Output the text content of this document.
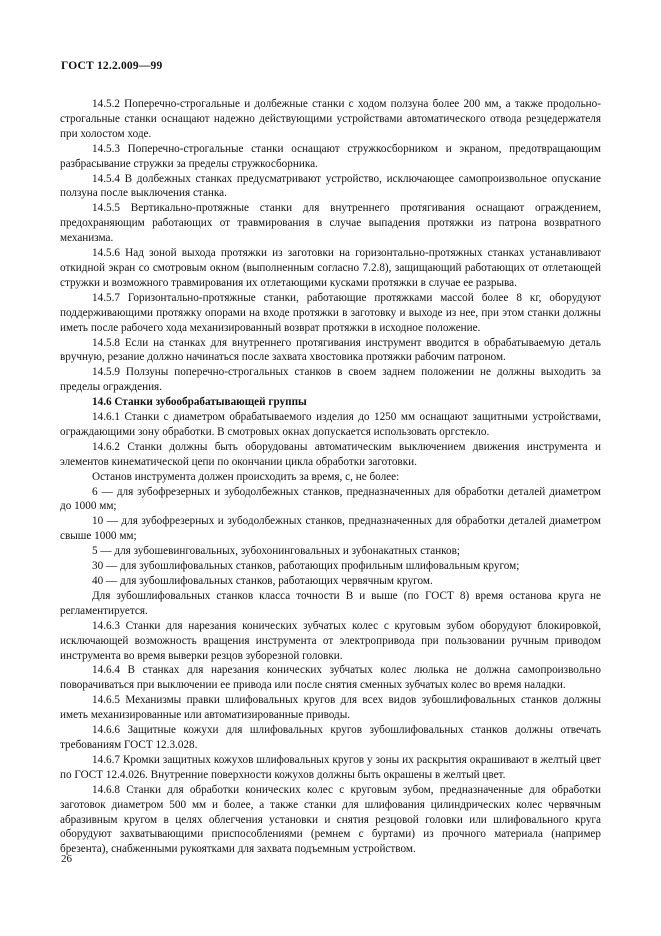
ГОСТ 12.2.009—99

14.5.2 Поперечно-строгальные и долбежные станки с ходом ползуна более 200 мм, а также продольно-строгальные станки оснащают надежно действующими устройствами автоматического отвода резцедержателя при холостом ходе.

14.5.3 Поперечно-строгальные станки оснащают стружкосборником и экраном, предотвращающим разбрасывание стружки за пределы стружкосборника.

14.5.4 В долбежных станках предусматривают устройство, исключающее самопроизвольное опускание ползуна после выключения станка.

14.5.5 Вертикально-протяжные станки для внутреннего протягивания оснащают ограждением, предохраняющим работающих от травмирования в случае выпадения протяжки из патрона возвратного механизма.

14.5.6 Над зоной выхода протяжки из заготовки на горизонтально-протяжных станках устанавливают откидной экран со смотровым окном (выполненным согласно 7.2.8), защищающий работающих от отлетающей стружки и возможного травмирования их отлетающими кусками протяжки в случае ее разрыва.

14.5.7 Горизонтально-протяжные станки, работающие протяжками массой более 8 кг, оборудуют поддерживающими протяжку опорами на входе протяжки в заготовку и выходе из нее, при этом станки должны иметь после рабочего хода механизированный возврат протяжки в исходное положение.

14.5.8 Если на станках для внутреннего протягивания инструмент вводится в обрабатываемую деталь вручную, резание должно начинаться после захвата хвостовика протяжки рабочим патроном.

14.5.9 Ползуны поперечно-строгальных станков в своем заднем положении не должны выходить за пределы ограждения.

14.6 Станки зубообрабатывающей группы

14.6.1 Станки с диаметром обрабатываемого изделия до 1250 мм оснащают защитными устройствами, ограждающими зону обработки. В смотровых окнах допускается использовать оргстекло.

14.6.2 Станки должны быть оборудованы автоматическим выключением движения инструмента и элементов кинематической цепи по окончании цикла обработки заготовки.

Останов инструмента должен происходить за время, с, не более:

6 — для зубофрезерных и зубодолбежных станков, предназначенных для обработки деталей диаметром до 1000 мм;

10 — для зубофрезерных и зубодолбежных станков, предназначенных для обработки деталей диаметром свыше 1000 мм;

5 — для зубошевинговальных, зубохонинговальных и зубонакатных станков;

30 — для зубошлифовальных станков, работающих профильным шлифовальным кругом;

40 — для зубошлифовальных станков, работающих червячным кругом.

Для зубошлифовальных станков класса точности В и выше (по ГОСТ 8) время останова круга не регламентируется.

14.6.3 Станки для нарезания конических зубчатых колес с круговым зубом оборудуют блокировкой, исключающей возможность вращения инструмента от электропривода при пользовании ручным приводом инструмента во время выверки резцов зуборезной головки.

14.6.4 В станках для нарезания конических зубчатых колес люлька не должна самопроизвольно поворачиваться при выключении ее привода или после снятия сменных зубчатых колес во время наладки.

14.6.5 Механизмы правки шлифовальных кругов для всех видов зубошлифовальных станков должны иметь механизированные или автоматизированные приводы.

14.6.6 Защитные кожухи для шлифовальных кругов зубошлифовальных станков должны отвечать требованиям ГОСТ 12.3.028.

14.6.7 Кромки защитных кожухов шлифовальных кругов у зоны их раскрытия окрашивают в желтый цвет по ГОСТ 12.4.026. Внутренние поверхности кожухов должны быть окрашены в желтый цвет.

14.6.8 Станки для обработки конических колес с круговым зубом, предназначенные для обработки заготовок диаметром 500 мм и более, а также станки для шлифования цилиндрических колес червячным абразивным кругом в целях облегчения установки и снятия резцовой головки или шлифовального круга оборудуют захватывающими приспособлениями (ремнем с буртами) из прочного материала (например брезента), снабженными рукоятками для захвата подъемным устройством.

26
